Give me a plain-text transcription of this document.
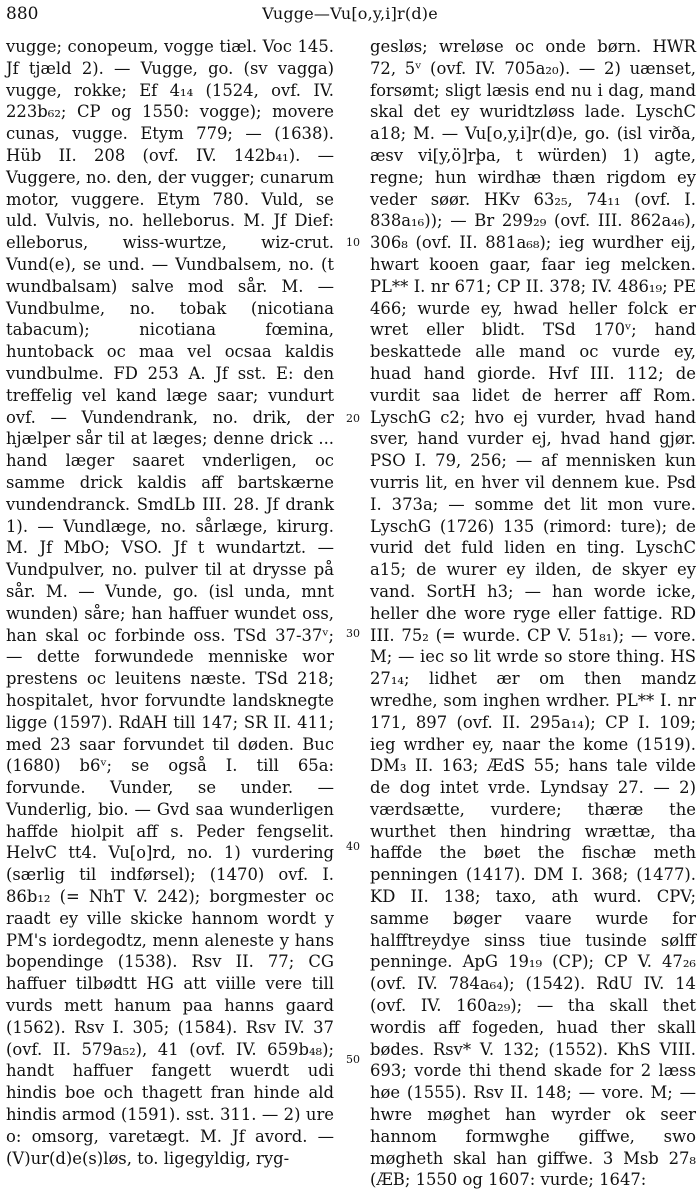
880	Vugge—Vu[o,y,i]r(d)e

vugge; conopeum, vogge tiæl. Voc 145. Jf tjæld 2). — Vugge, go. (sv vagga) vugge, rokke; Ef 4₁₄ (1524, ovf. IV. 223b₆₂; CP og 1550: vogge); movere cunas, vugge. Etym 779; — (1638). Hüb II. 208 (ovf. IV. 142b₄₁). — Vuggere, no. den, der vugger; cunarum motor, vuggere. Etym 780. Vuld, se uld. Vulvis, no. helleborus. M. Jf Dief: elleborus, wiss-wurtze, wiz-crut. Vund(e), se und. — Vundbalsem, no. (t wundbalsam) salve mod sår. M. — Vundbulme, no. tobak (nicotiana tabacum); nicotiana fœmina, huntoback oc maa vel ocsaa kaldis vundbulme. FD 253 A. Jf sst. E: den treffelig vel kand læge saar; vundurt ovf. — Vundendrank, no. drik, der hjælper sår til at læges; denne drick ... hand læger saaret vnderligen, oc samme drick kaldis aff bartskærne vundendranck. SmdLb III. 28. Jf drank 1). — Vundlæge, no. sårlæge, kirurg. M. Jf MbO; VSO. Jf t wundartzt. — Vundpulver, no. pulver til at drysse på sår. M. — Vunde, go. (isl unda, mnt wunden) såre; han haffuer wundet oss, han skal oc forbinde oss. TSd 37-37ᵛ; — dette forwundede menniske wor prestens oc leuitens næste. TSd 218; hospitalet, hvor forvundte landsknegte ligge (1597). RdAH till 147; SR II. 411; med 23 saar forvundet til døden. Buc (1680) b6ᵛ; se også I. till 65a: forvunde. Vunder, se under. — Vunderlig, bio. — Gvd saa wunderligen haffde hiolpit aff s. Peder fengselit. HelvC tt4. Vu[o]rd, no. 1) vurdering (særlig til indførsel); (1470) ovf. I. 86b₁₂ (= NhT V. 242); borgmester oc raadt ey ville skicke hannom wordt y PM's iordegodtz, menn aleneste y hans bopendinge (1538). Rsv II. 77; CG haffuer tilbødtt HG att viille vere till vurds mett hanum paa hanns gaard (1562). Rsv I. 305; (1584). Rsv IV. 37 (ovf. II. 579a₅₂), 41 (ovf. IV. 659b₄₈); handt haffuer fangett wuerdt udi hindis boe och thagett fran hinde ald hindis armod (1591). sst. 311. — 2) ure o: omsorg, varetægt. M. Jf avord. — (V)ur(d)e(s)løs, to. ligegyldig, ryg-

10
20
30
40
50

gesløs; wreløse oc onde børn. HWR 72, 5ᵛ (ovf. IV. 705a₂₀). — 2) uænset, forsømt; sligt læsis end nu i dag, mand skal det ey wuridtzløss lade. LyschC a18; M. — Vu[o,y,i]r(d)e, go. (isl virða, æsv vi[y,ö]rþa, t würden) 1) agte, regne; hun wirdhæ thæn rigdom ey veder søør. HKv 63₂₅, 74₁₁ (ovf. I. 838a₁₆)); — Br 299₂₉ (ovf. III. 862a₄₆), 306₈ (ovf. II. 881a₆₈); ieg wurdher eij, hwart kooen gaar, faar ieg melcken. PL** I. nr 671; CP II. 378; IV. 486₁₉; PE 466; wurde ey, hwad heller folck er wret eller blidt. TSd 170ᵛ; hand beskattede alle mand oc vurde ey, huad hand giorde. Hvf III. 112; de vurdit saa lidet de herrer aff Rom. LyschG c2; hvo ej vurder, hvad hand sver, hand vurder ej, hvad hand gjør. PSO I. 79, 256; — af mennisken kun vurris lit, en hver vil dennem kue. Psd I. 373a; — somme det lit mon vure. LyschG (1726) 135 (rimord: ture); de vurid det fuld liden en ting. LyschC a15; de wurer ey ilden, de skyer ey vand. SortH h3; — han worde icke, heller dhe wore ryge eller fattige. RD III. 75₂ (= wurde. CP V. 51₈₁); — vore. M; — iec so lit wrde so store thing. HS 27₁₄; lidhet ær om then mandz wredhe, som inghen wrdher. PL** I. nr 171, 897 (ovf. II. 295a₁₄); CP I. 109; ieg wrdher ey, naar the kome (1519). DM₃ II. 163; ÆdS 55; hans tale vilde de dog intet vrde. Lyndsay 27. — 2) værdsætte, vurdere; thæræ the wurthet then hindring wrættæ, tha haffde the bøet the fischæ meth penningen (1417). DM I. 368; (1477). KD II. 138; taxo, ath wurd. CPV; samme bøger vaare wurde for halfftreydye sinss tiue tusinde sølff penninge. ApG 19₁₉ (CP); CP V. 47₂₆ (ovf. IV. 784a₆₄); (1542). RdU IV. 14 (ovf. IV. 160a₂₉); — tha skall thet wordis aff fogeden, huad ther skall bødes. Rsv* V. 132; (1552). KhS VIII. 693; vorde thi thend skade for 2 læss høe (1555). Rsv II. 148; — vore. M; — hwre møghet han wyrder ok seer hannom formwghe giffwe, swo møgheth skal han giffwe. 3 Msb 27₈ (ÆB; 1550 og 1607: vurde; 1647:
